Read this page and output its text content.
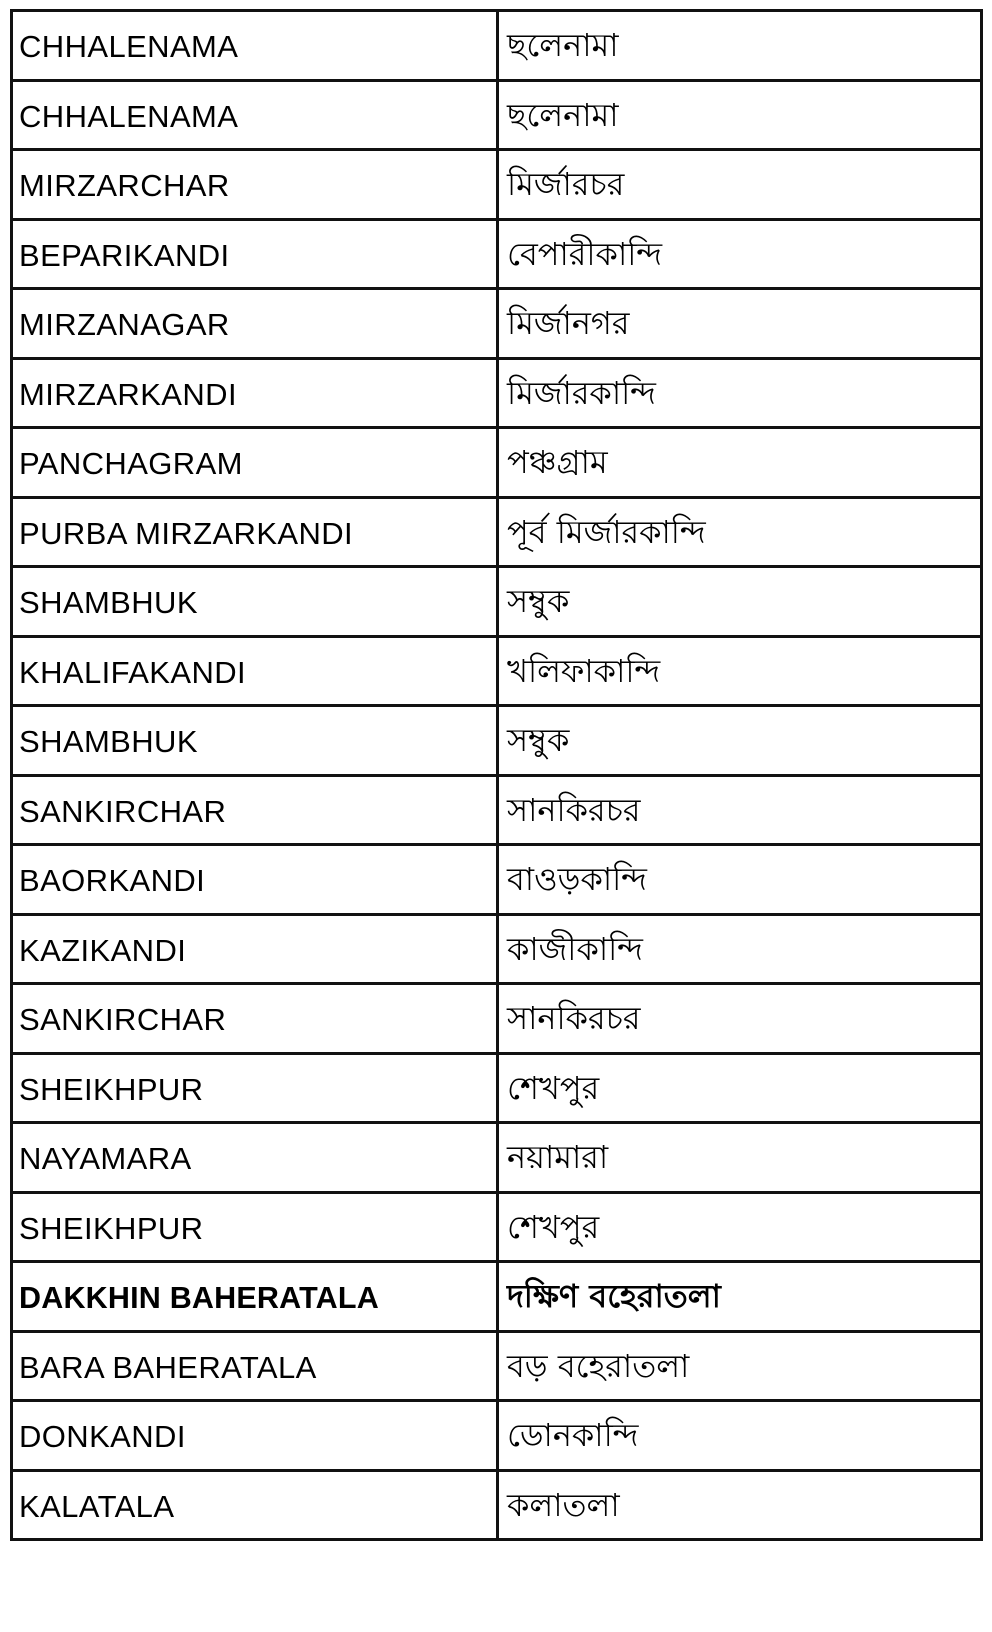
CHHALENAMA	ছলেনামা
CHHALENAMA	ছলেনামা
MIRZARCHAR	মির্জারচর
BEPARIKANDI	বেপারীকান্দি
MIRZANAGAR	মির্জানগর
MIRZARKANDI	মির্জারকান্দি
PANCHAGRAM	পঞ্চগ্রাম
PURBA MIRZARKANDI	পূর্ব মির্জারকান্দি
SHAMBHUK	সম্বুক
KHALIFAKANDI	খলিফাকান্দি
SHAMBHUK	সম্বুক
SANKIRCHAR	সানকিরচর
BAORKANDI	বাওড়কান্দি
KAZIKANDI	কাজীকান্দি
SANKIRCHAR	সানকিরচর
SHEIKHPUR	শেখপুর
NAYAMARA	নয়ামারা
SHEIKHPUR	শেখপুর
DAKKHIN BAHERATALA	দক্ষিণ বহেরাতলা
BARA BAHERATALA	বড় বহেরাতলা
DONKANDI	ডোনকান্দি
KALATALA	কলাতলা
